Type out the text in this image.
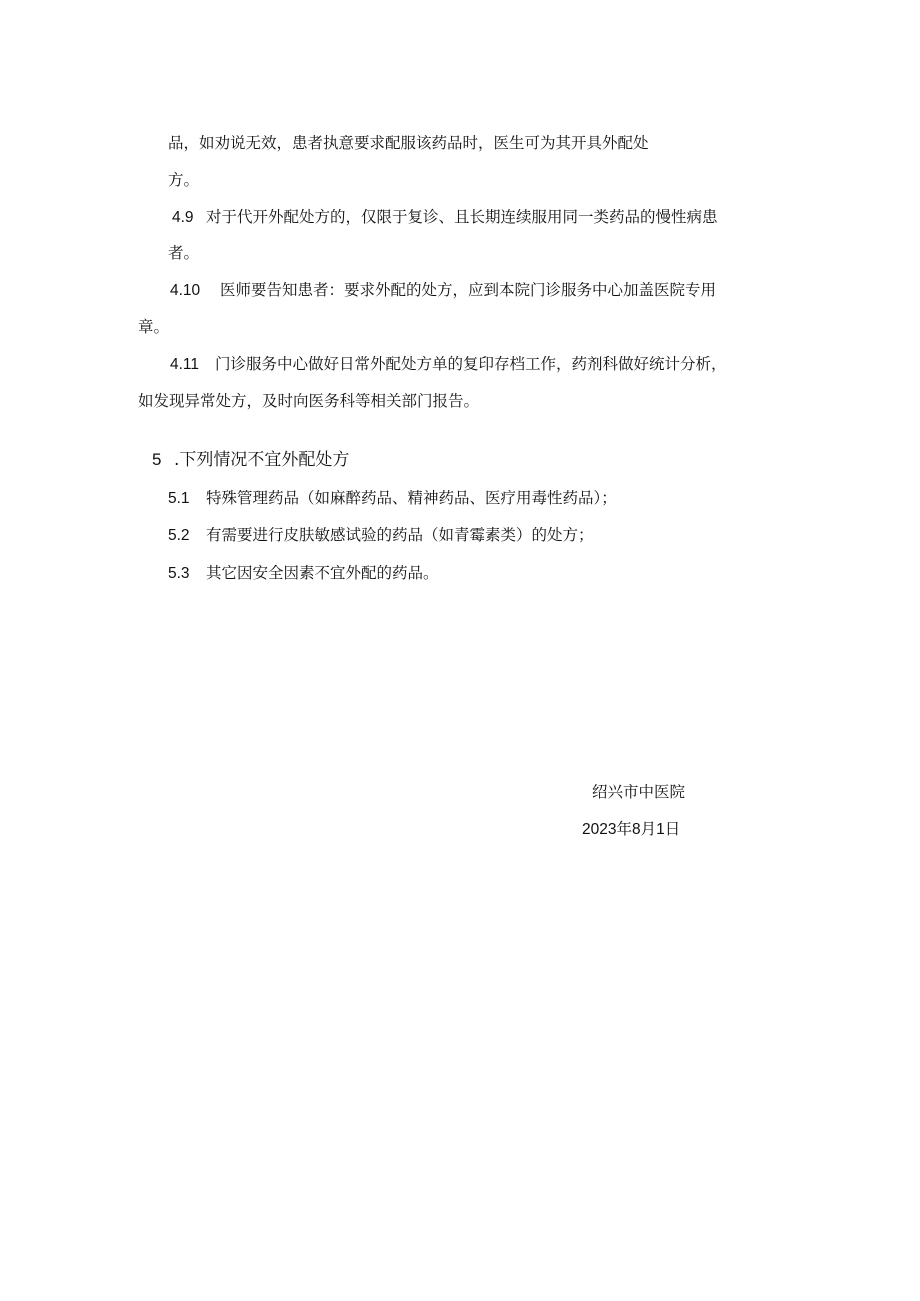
品，如劝说无效，患者执意要求配服该药品时，医生可为其开具外配处
方。
4.9 对于代开外配处方的，仅限于复诊、且长期连续服用同一类药品的慢性病患
者。
4.10 医师要告知患者：要求外配的处方，应到本院门诊服务中心加盖医院专用
章。
4.11 门诊服务中心做好日常外配处方单的复印存档工作，药剂科做好统计分析，
如发现异常处方，及时向医务科等相关部门报告。
5 .下列情况不宜外配处方
5.1 特殊管理药品（如麻醉药品、精神药品、医疗用毒性药品）；
5.2 有需要进行皮肤敏感试验的药品（如青霉素类）的处方；
5.3 其它因安全因素不宜外配的药品。
绍兴市中医院
2023年8月1日
